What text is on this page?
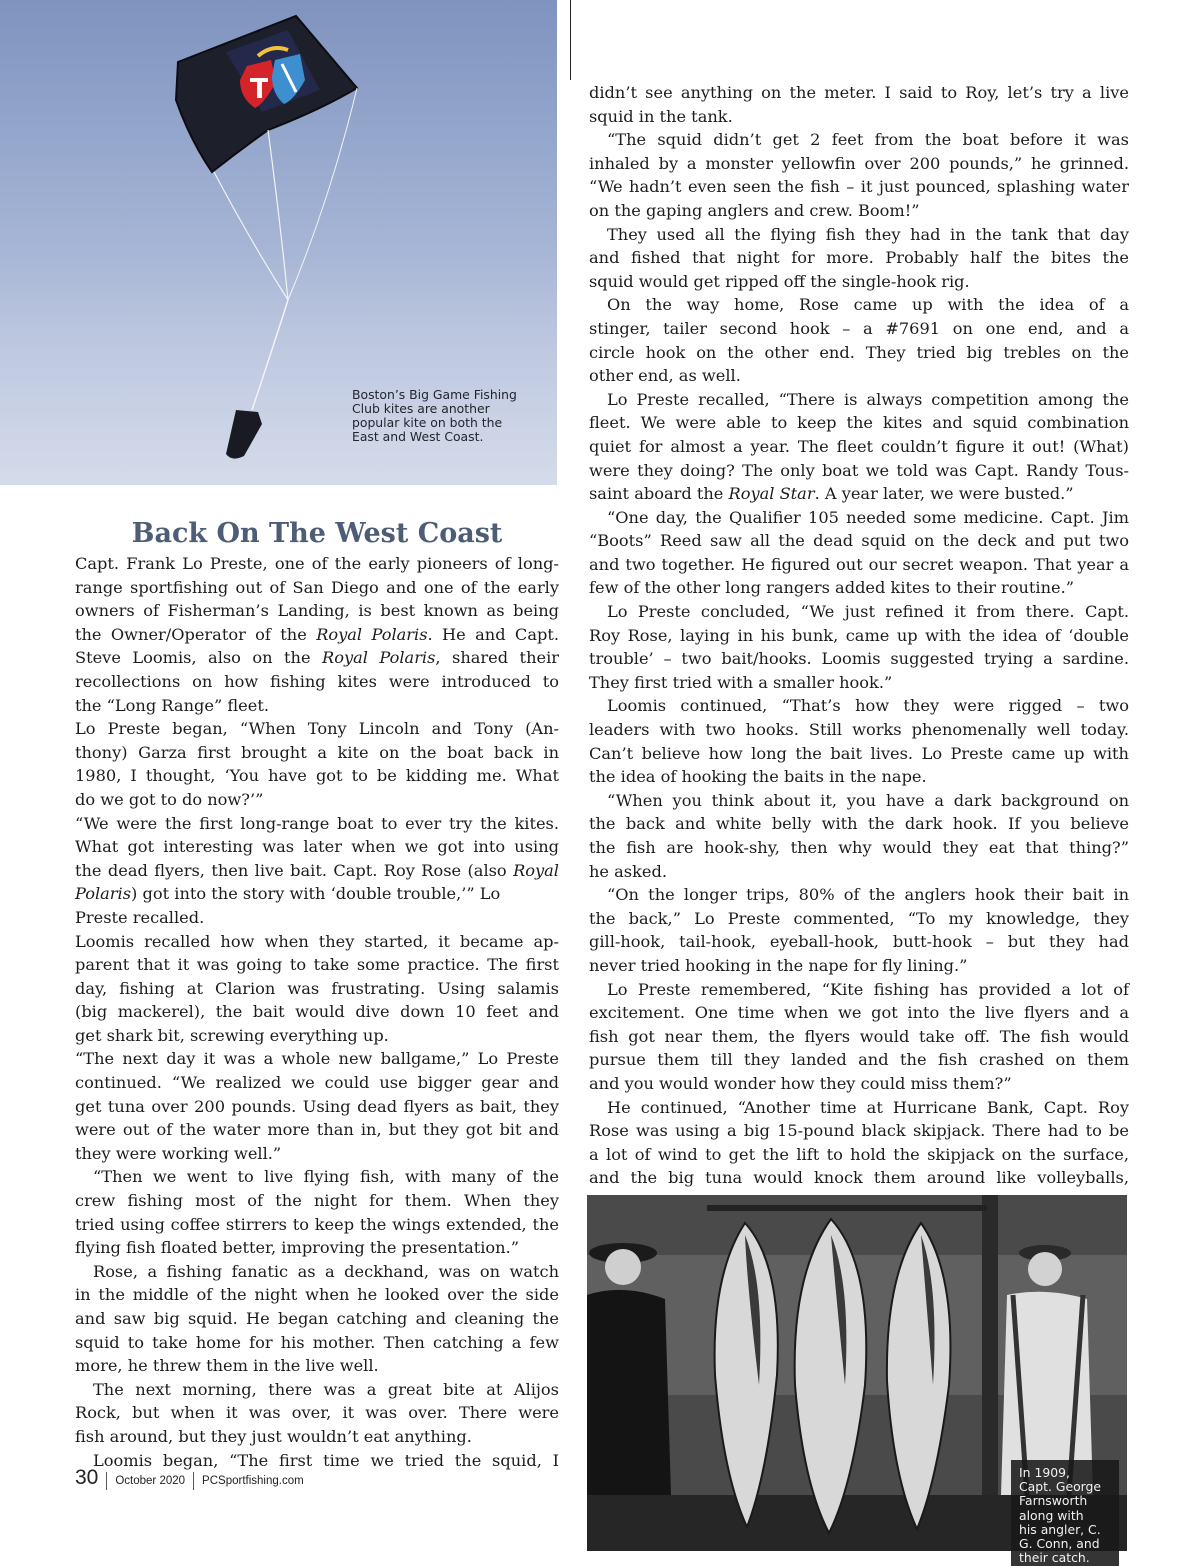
Boston’s Big Game Fishing
Club kites are another
popular kite on both the
East and West Coast.
Back On The West Coast
Capt. Frank Lo Preste, one of the early pioneers of long-
range sportfishing out of San Diego and one of the early
owners of Fisherman’s Landing, is best known as being
the Owner/Operator of the Royal Polaris. He and Capt.
Steve Loomis, also on the Royal Polaris, shared their
recollections on how fishing kites were introduced to
the “Long Range” fleet.
Lo Preste began, “When Tony Lincoln and Tony (An-
thony) Garza first brought a kite on the boat back in
1980, I thought, ‘You have got to be kidding me. What
do we got to do now?’”
“We were the first long-range boat to ever try the kites.
What got interesting was later when we got into using
the dead flyers, then live bait. Capt. Roy Rose (also Royal
Polaris) got into the story with ‘double trouble,’” Lo
Preste recalled.
Loomis recalled how when they started, it became ap-
parent that it was going to take some practice. The first
day, fishing at Clarion was frustrating. Using salamis
(big mackerel), the bait would dive down 10 feet and
get shark bit, screwing everything up.
“The next day it was a whole new ballgame,” Lo Preste
continued. “We realized we could use bigger gear and
get tuna over 200 pounds. Using dead flyers as bait, they
were out of the water more than in, but they got bit and
they were working well.”
“Then we went to live flying fish, with many of the
crew fishing most of the night for them. When they
tried using coffee stirrers to keep the wings extended, the
flying fish floated better, improving the presentation.”
Rose, a fishing fanatic as a deckhand, was on watch
in the middle of the night when he looked over the side
and saw big squid. He began catching and cleaning the
squid to take home for his mother. Then catching a few
more, he threw them in the live well.
The next morning, there was a great bite at Alijos
Rock, but when it was over, it was over. There were
fish around, but they just wouldn’t eat anything.
Loomis began, “The first time we tried the squid, I
didn’t see anything on the meter. I said to Roy, let’s try a live
squid in the tank.
“The squid didn’t get 2 feet from the boat before it was
inhaled by a monster yellowfin over 200 pounds,” he grinned.
“We hadn’t even seen the fish – it just pounced, splashing water
on the gaping anglers and crew. Boom!”
They used all the flying fish they had in the tank that day
and fished that night for more. Probably half the bites the
squid would get ripped off the single-hook rig.
On the way home, Rose came up with the idea of a
stinger, tailer second hook – a #7691 on one end, and a
circle hook on the other end. They tried big trebles on the
other end, as well.
Lo Preste recalled, “There is always competition among the
fleet. We were able to keep the kites and squid combination
quiet for almost a year. The fleet couldn’t figure it out! (What)
were they doing? The only boat we told was Capt. Randy Tous-
saint aboard the Royal Star. A year later, we were busted.”
“One day, the Qualifier 105 needed some medicine. Capt. Jim
“Boots” Reed saw all the dead squid on the deck and put two
and two together. He figured out our secret weapon. That year a
few of the other long rangers added kites to their routine.”
Lo Preste concluded, “We just refined it from there. Capt.
Roy Rose, laying in his bunk, came up with the idea of ‘double
trouble’ – two bait/hooks. Loomis suggested trying a sardine.
They first tried with a smaller hook.”
Loomis continued, “That’s how they were rigged – two
leaders with two hooks. Still works phenomenally well today.
Can’t believe how long the bait lives. Lo Preste came up with
the idea of hooking the baits in the nape.
“When you think about it, you have a dark background on
the back and white belly with the dark hook. If you believe
the fish are hook-shy, then why would they eat that thing?”
he asked.
“On the longer trips, 80% of the anglers hook their bait in
the back,” Lo Preste commented, “To my knowledge, they
gill-hook, tail-hook, eyeball-hook, butt-hook – but they had
never tried hooking in the nape for fly lining.”
Lo Preste remembered, “Kite fishing has provided a lot of
excitement. One time when we got into the live flyers and a
fish got near them, the flyers would take off. The fish would
pursue them till they landed and the fish crashed on them
and you would wonder how they could miss them?”
He continued, “Another time at Hurricane Bank, Capt. Roy
Rose was using a big 15-pound black skipjack. There had to be
a lot of wind to get the lift to hold the skipjack on the surface,
and the big tuna would knock them around like volleyballs,
In 1909,
Capt. George
Farnsworth
along with
his angler, C.
G. Conn, and
their catch.
30 October 2020 PCSportfishing.com
